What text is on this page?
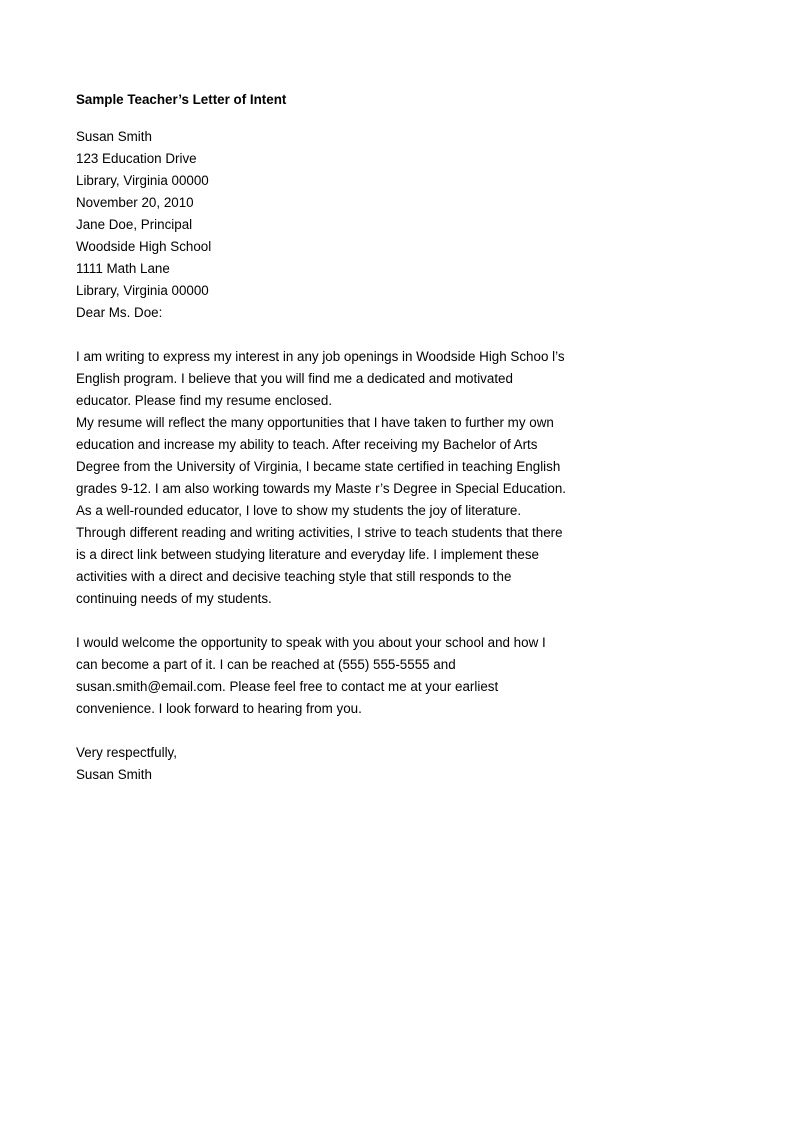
Sample Teacher’s Letter of Intent
Susan Smith
123 Education Drive
Library, Virginia 00000
November 20, 2010
Jane Doe, Principal
Woodside High School
1111 Math Lane
Library, Virginia 00000
Dear Ms. Doe:
I am writing to express my interest in any job openings in Woodside High Schoo l’s
English program. I believe that you will find me a dedicated and motivated
educator. Please find my resume enclosed.
My resume will reflect the many opportunities that I have taken to further my own
education and increase my ability to teach. After receiving my Bachelor of Arts
Degree from the University of Virginia, I became state certified in teaching English
grades 9-12. I am also working towards my Maste r’s Degree in Special Education.
As a well-rounded educator, I love to show my students the joy of literature.
Through different reading and writing activities, I strive to teach students that there
is a direct link between studying literature and everyday life. I implement these
activities with a direct and decisive teaching style that still responds to the
continuing needs of my students.
I would welcome the opportunity to speak with you about your school and how I
can become a part of it. I can be reached at (555) 555-5555 and
susan.smith@email.com. Please feel free to contact me at your earliest
convenience. I look forward to hearing from you.
Very respectfully,
Susan Smith
